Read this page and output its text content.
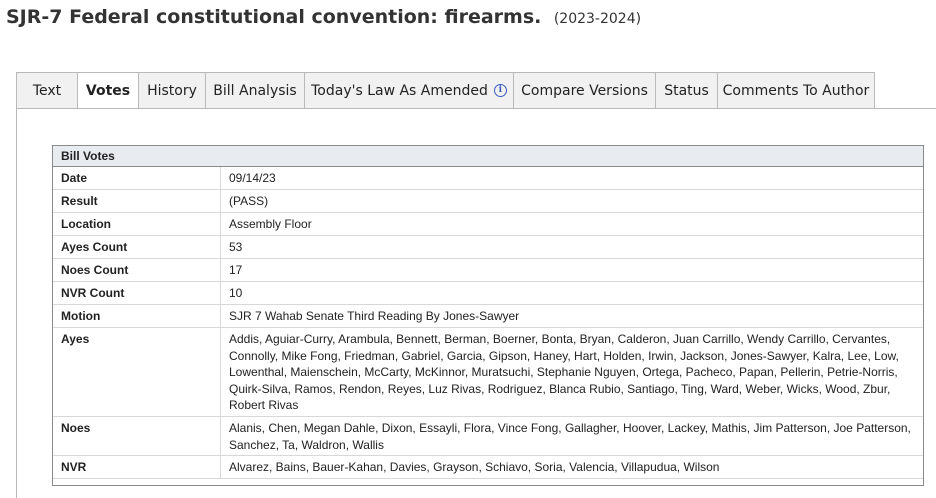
SJR-7 Federal constitutional convention: firearms. (2023-2024)
Text Votes History Bill Analysis Today's Law As Amended	i	Compare Versions Status Comments To Author
Bill Votes
Date	09/14/23
Result	(PASS)
Location	Assembly Floor
Ayes Count	53
Noes Count	17
NVR Count	10
Motion	SJR 7 Wahab Senate Third Reading By Jones-Sawyer
Ayes	Addis, Aguiar-Curry, Arambula, Bennett, Berman, Boerner, Bonta, Bryan, Calderon, Juan Carrillo, Wendy Carrillo, Cervantes, Connolly, Mike Fong, Friedman, Gabriel, Garcia, Gipson, Haney, Hart, Holden, Irwin, Jackson, Jones-Sawyer, Kalra, Lee, Low, Lowenthal, Maienschein, McCarty, McKinnor, Muratsuchi, Stephanie Nguyen, Ortega, Pacheco, Papan, Pellerin, Petrie-Norris, Quirk-Silva, Ramos, Rendon, Reyes, Luz Rivas, Rodriguez, Blanca Rubio, Santiago, Ting, Ward, Weber, Wicks, Wood, Zbur, Robert Rivas
Noes	Alanis, Chen, Megan Dahle, Dixon, Essayli, Flora, Vince Fong, Gallagher, Hoover, Lackey, Mathis, Jim Patterson, Joe Patterson, Sanchez, Ta, Waldron, Wallis
NVR	Alvarez, Bains, Bauer-Kahan, Davies, Grayson, Schiavo, Soria, Valencia, Villapudua, Wilson
